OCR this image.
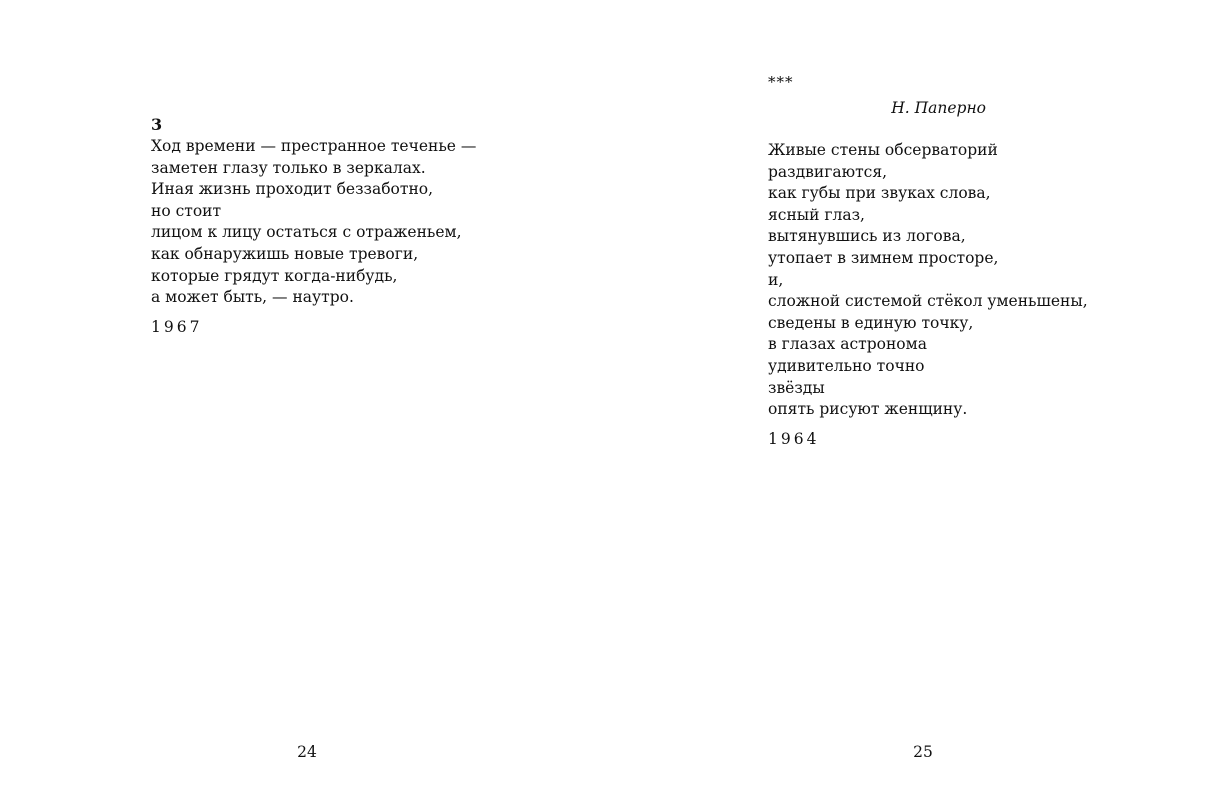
3
Ход времени — престранное теченье —
заметен глазу только в зеркалах.
Иная жизнь проходит беззаботно,
но стоит
лицом к лицу остаться с отраженьем,
как обнаружишь новые тревоги,
которые грядут когда-нибудь,
а может быть, — наутро.
1967
24
***
Н. Паперно
Живые стены обсерваторий
раздвигаются,
как губы при звуках слова,
ясный глаз,
вытянувшись из логова,
утопает в зимнем просторе,
и,
сложной системой стёкол уменьшены,
сведены в единую точку,
в глазах астронома
удивительно точно
звёзды
опять рисуют женщину.
1964
25
